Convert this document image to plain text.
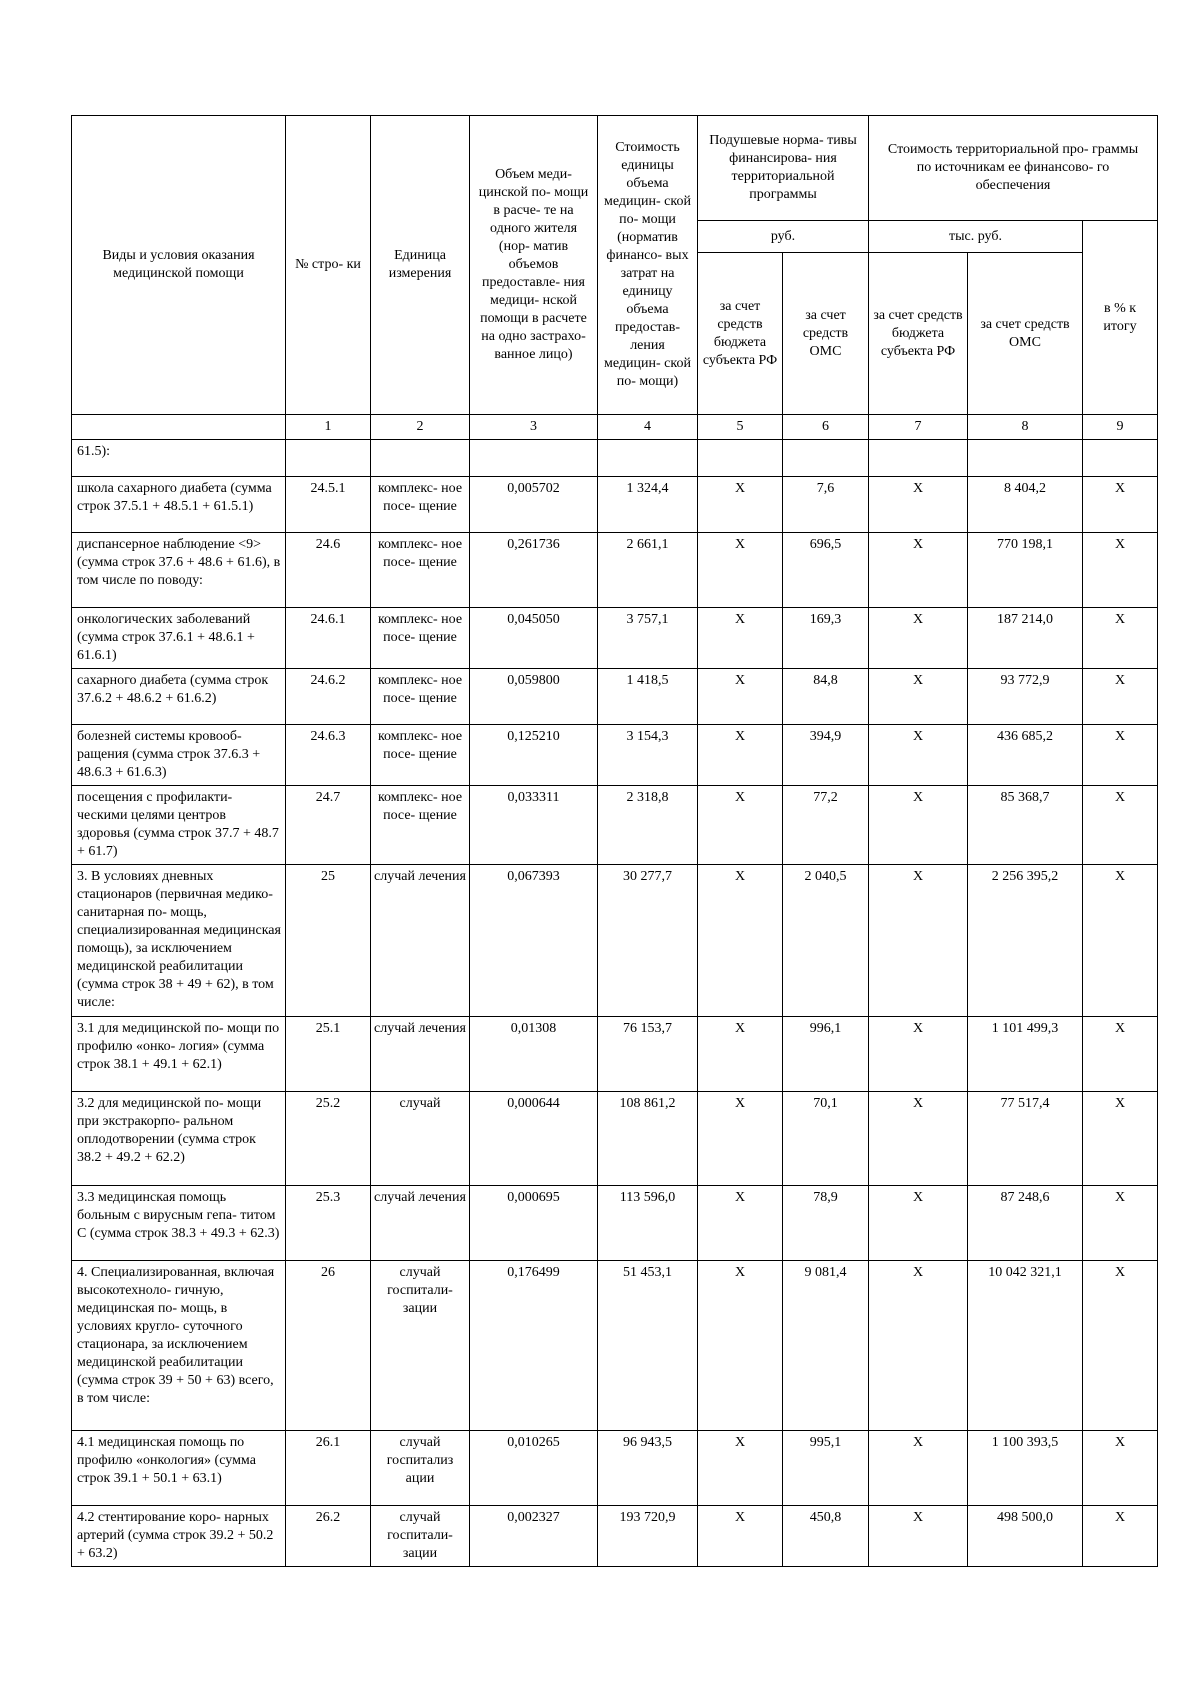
Виды и условия оказания медицинской помощи	№ стро- ки	Единица измерения	Объем меди- цинской по- мощи в расче- те на одного жителя (нор- матив объемов предоставле- ния медици- нской помощи в расчете на одно застрахо- ванное лицо)	Стоимость единицы объема медицин- ской по- мощи (норматив финансо- вых затрат на единицу объема предостав- ления медицин- ской по- мощи)	Подушевые норма- тивы финансирова- ния территориальной программы		Стоимость территориальной про- граммы по источникам ее финансово- го обеспечения		
					руб.		тыс. руб.		в % к итогу
					за счет средств бюджета субъекта РФ	за счет средств ОМС	за счет средств бюджета субъекта РФ	за счет средств ОМС	
	1	2	3	4	5	6	7	8	9
61.5):									
школа сахарного диабета (сумма строк 37.5.1 + 48.5.1 + 61.5.1)	24.5.1	комплекс- ное посе- щение	0,005702	1 324,4	Х	7,6	Х	8 404,2	Х
диспансерное наблюдение <9> (сумма строк 37.6 + 48.6 + 61.6), в том числе по поводу:	24.6	комплекс- ное посе- щение	0,261736	2 661,1	Х	696,5	Х	770 198,1	Х
онкологических заболеваний (сумма строк 37.6.1 + 48.6.1 + 61.6.1)	24.6.1	комплекс- ное посе- щение	0,045050	3 757,1	Х	169,3	Х	187 214,0	Х
сахарного диабета (сумма строк 37.6.2 + 48.6.2 + 61.6.2)	24.6.2	комплекс- ное посе- щение	0,059800	1 418,5	Х	84,8	Х	93 772,9	Х
болезней системы кровооб- ращения (сумма строк 37.6.3 + 48.6.3 + 61.6.3)	24.6.3	комплекс- ное посе- щение	0,125210	3 154,3	Х	394,9	Х	436 685,2	Х
посещения с профилакти- ческими целями центров здоровья (сумма строк 37.7 + 48.7 + 61.7)	24.7	комплекс- ное посе- щение	0,033311	2 318,8	Х	77,2	Х	85 368,7	Х
3. В условиях дневных стационаров (первичная медико-санитарная по- мощь, специализированная медицинская помощь), за исключением медицинской реабилитации (сумма строк 38 + 49 + 62), в том числе:	25	случай лечения	0,067393	30 277,7	Х	2 040,5	Х	2 256 395,2	Х
3.1 для медицинской по- мощи по профилю «онко- логия» (сумма строк 38.1 + 49.1 + 62.1)	25.1	случай лечения	0,01308	76 153,7	Х	996,1	Х	1 101 499,3	Х
3.2 для медицинской по- мощи при экстракорпо- ральном оплодотворении (сумма строк 38.2 + 49.2 + 62.2)	25.2	случай	0,000644	108 861,2	Х	70,1	Х	77 517,4	Х
3.3 медицинская помощь больным с вирусным гепа- титом С (сумма строк 38.3 + 49.3 + 62.3)	25.3	случай лечения	0,000695	113 596,0	Х	78,9	Х	87 248,6	Х
4. Специализированная, включая высокотехноло- гичную, медицинская по- мощь, в условиях кругло- суточного стационара, за исключением медицинской реабилитации (сумма строк 39 + 50 + 63) всего, в том числе:	26	случай госпитали- зации	0,176499	51 453,1	Х	9 081,4	Х	10 042 321,1	Х
4.1 медицинская помощь по профилю «онкология» (сумма строк 39.1 + 50.1 + 63.1)	26.1	случай госпитализ ации	0,010265	96 943,5	Х	995,1	Х	1 100 393,5	Х
4.2 стентирование коро- нарных артерий (сумма строк 39.2 + 50.2 + 63.2)	26.2	случай госпитали- зации	0,002327	193 720,9	Х	450,8	Х	498 500,0	Х
